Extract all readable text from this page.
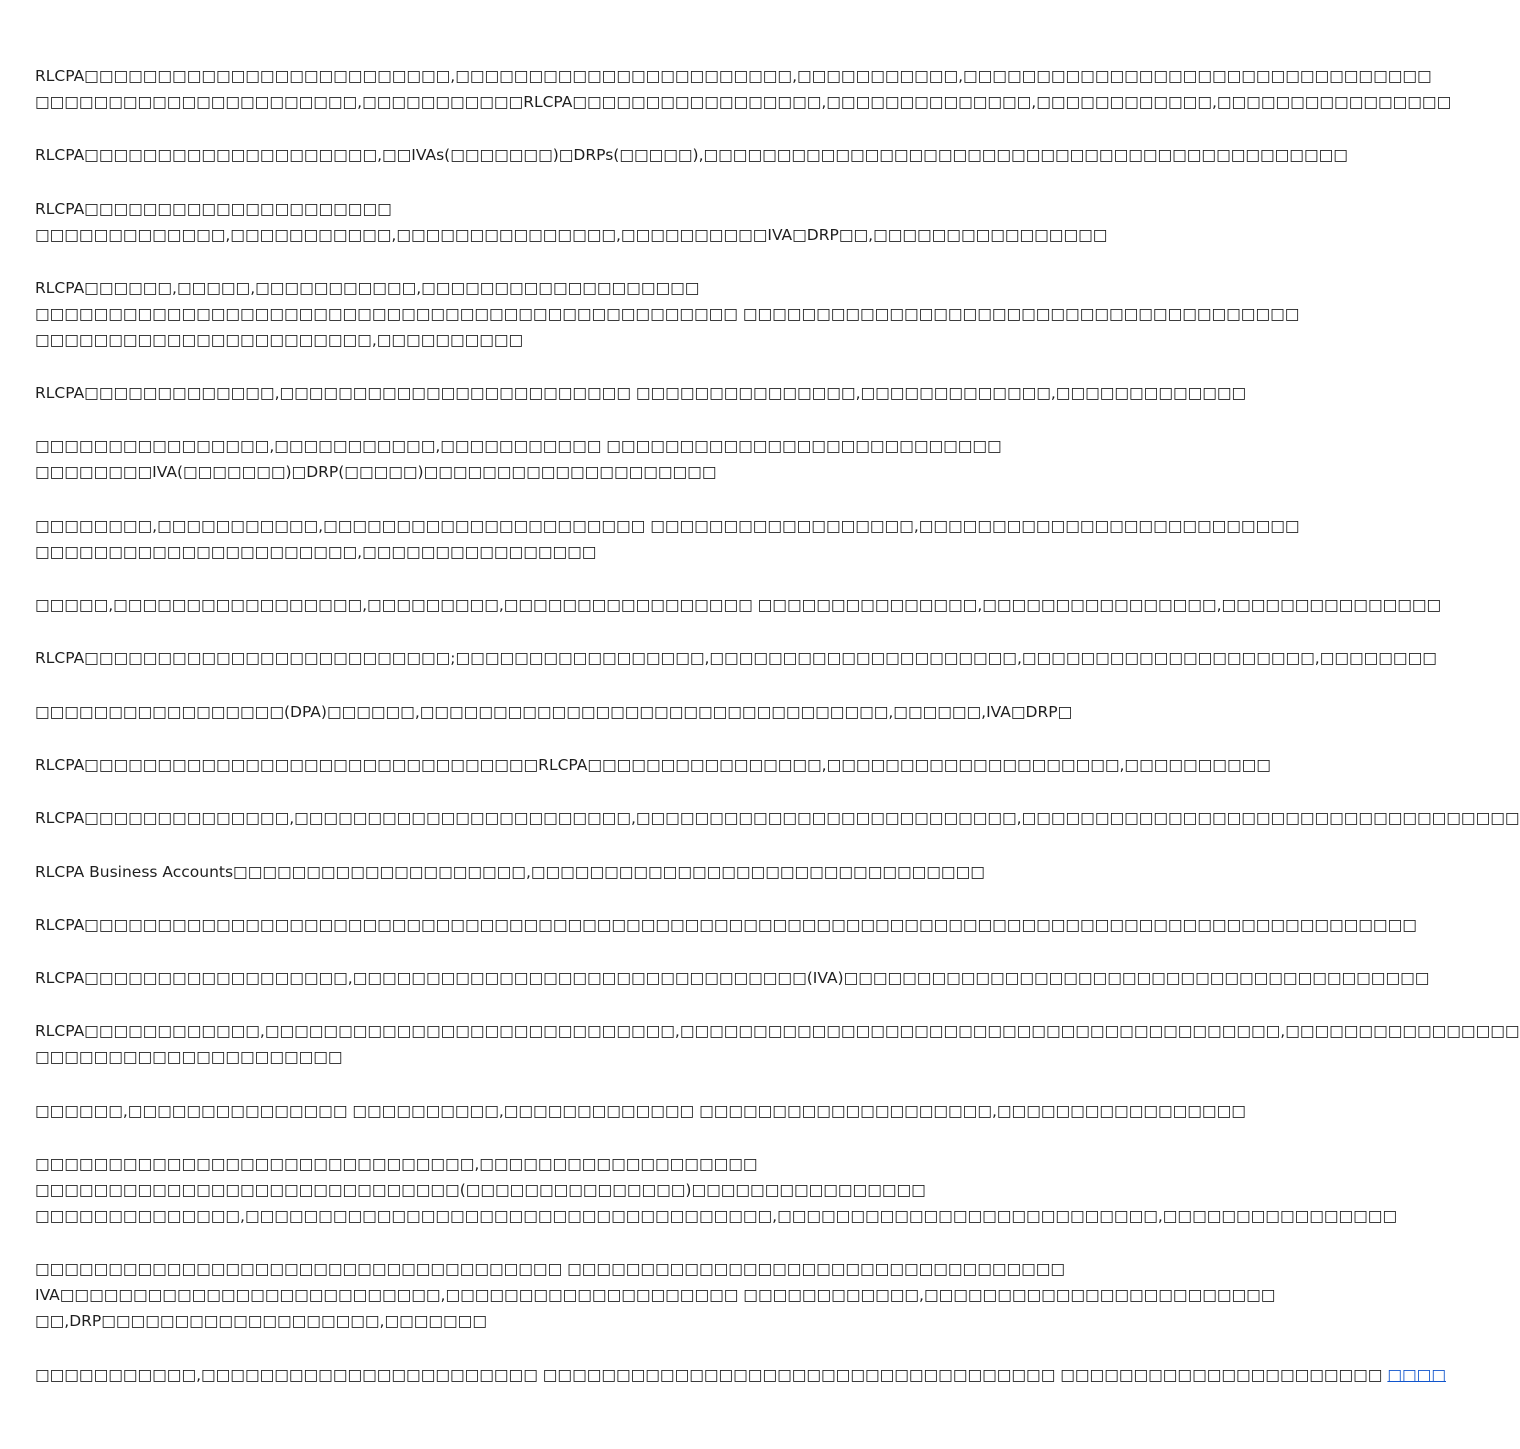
RLCPA□□□□□□□□□□□□□□□□□□□□□□□□□,□□□□□□□□□□□□□□□□□□□□□□□,□□□□□□□□□□□,□□□□□□□□□□□□□□□□□□□□□□□□□□□□□□□□
□□□□□□□□□□□□□□□□□□□□□□,□□□□□□□□□□□RLCPA□□□□□□□□□□□□□□□□□,□□□□□□□□□□□□□□,□□□□□□□□□□□□,□□□□□□□□□□□□□□□□
RLCPA□□□□□□□□□□□□□□□□□□□□,□□IVAs(□□□□□□□)□DRPs(□□□□□),□□□□□□□□□□□□□□□□□□□□□□□□□□□□□□□□□□□□□□□□□□□□
RLCPA□□□□□□□□□□□□□□□□□□□□□
□□□□□□□□□□□□□,□□□□□□□□□□□,□□□□□□□□□□□□□□□,□□□□□□□□□□IVA□DRP□□,□□□□□□□□□□□□□□□□
RLCPA□□□□□□,□□□□□,□□□□□□□□□□□,□□□□□□□□□□□□□□□□□□□
□□□□□□□□□□□□□□□□□□□□□□□□□□□□□□□□□□□□□□□□□□□□□□□□ □□□□□□□□□□□□□□□□□□□□□□□□□□□□□□□□□□□□□□
□□□□□□□□□□□□□□□□□□□□□□□,□□□□□□□□□□
RLCPA□□□□□□□□□□□□□,□□□□□□□□□□□□□□□□□□□□□□□□ □□□□□□□□□□□□□□□,□□□□□□□□□□□□□,□□□□□□□□□□□□□
□□□□□□□□□□□□□□□□,□□□□□□□□□□□,□□□□□□□□□□□ □□□□□□□□□□□□□□□□□□□□□□□□□□□
□□□□□□□□IVA(□□□□□□□)□DRP(□□□□□)□□□□□□□□□□□□□□□□□□□□
□□□□□□□□,□□□□□□□□□□□,□□□□□□□□□□□□□□□□□□□□□□ □□□□□□□□□□□□□□□□□□,□□□□□□□□□□□□□□□□□□□□□□□□□□
□□□□□□□□□□□□□□□□□□□□□□,□□□□□□□□□□□□□□□□
□□□□□,□□□□□□□□□□□□□□□□□,□□□□□□□□□,□□□□□□□□□□□□□□□□□ □□□□□□□□□□□□□□□,□□□□□□□□□□□□□□□□,□□□□□□□□□□□□□□□
RLCPA□□□□□□□□□□□□□□□□□□□□□□□□□;□□□□□□□□□□□□□□□□□,□□□□□□□□□□□□□□□□□□□□□,□□□□□□□□□□□□□□□□□□□□,□□□□□□□□
□□□□□□□□□□□□□□□□□(DPA)□□□□□□,□□□□□□□□□□□□□□□□□□□□□□□□□□□□□□□□,□□□□□□,IVA□DRP□
RLCPA□□□□□□□□□□□□□□□□□□□□□□□□□□□□□□□RLCPA□□□□□□□□□□□□□□□□,□□□□□□□□□□□□□□□□□□□□,□□□□□□□□□□
RLCPA□□□□□□□□□□□□□□,□□□□□□□□□□□□□□□□□□□□□□□,□□□□□□□□□□□□□□□□□□□□□□□□□□,□□□□□□□□□□□□□□□□□□□□□□□□□□□□□□□□□□
RLCPA Business Accounts□□□□□□□□□□□□□□□□□□□□,□□□□□□□□□□□□□□□□□□□□□□□□□□□□□□□
RLCPA□□□□□□□□□□□□□□□□□□□□□□□□□□□□□□□□□□□□□□□□□□□□□□□□□□□□□□□□□□□□□□□□□□□□□□□□□□□□□□□□□□□□□□□□□□□
RLCPA□□□□□□□□□□□□□□□□□□,□□□□□□□□□□□□□□□□□□□□□□□□□□□□□□□(IVA)□□□□□□□□□□□□□□□□□□□□□□□□□□□□□□□□□□□□□□□□
RLCPA□□□□□□□□□□□□,□□□□□□□□□□□□□□□□□□□□□□□□□□□□,□□□□□□□□□□□□□□□□□□□□□□□□□□□□□□□□□□□□□□□□□,□□□□□□□□□□□□□□□□
□□□□□□□□□□□□□□□□□□□□□
□□□□□□,□□□□□□□□□□□□□□□ □□□□□□□□□□,□□□□□□□□□□□□□ □□□□□□□□□□□□□□□□□□□□,□□□□□□□□□□□□□□□□□
□□□□□□□□□□□□□□□□□□□□□□□□□□□□□□,□□□□□□□□□□□□□□□□□□□
□□□□□□□□□□□□□□□□□□□□□□□□□□□□□(□□□□□□□□□□□□□□□)□□□□□□□□□□□□□□□□
□□□□□□□□□□□□□□,□□□□□□□□□□□□□□□□□□□□□□□□□□□□□□□□□□□□,□□□□□□□□□□□□□□□□□□□□□□□□□□,□□□□□□□□□□□□□□□□
□□□□□□□□□□□□□□□□□□□□□□□□□□□□□□□□□□□□ □□□□□□□□□□□□□□□□□□□□□□□□□□□□□□□□□□
IVA□□□□□□□□□□□□□□□□□□□□□□□□□□,□□□□□□□□□□□□□□□□□□□□ □□□□□□□□□□□□,□□□□□□□□□□□□□□□□□□□□□□□□
□□,DRP□□□□□□□□□□□□□□□□□□□,□□□□□□□
□□□□□□□□□□□,□□□□□□□□□□□□□□□□□□□□□□□ □□□□□□□□□□□□□□□□□□□□□□□□□□□□□□□□□□□ □□□□□□□□□□□□□□□□□□□□□□ □□□□
